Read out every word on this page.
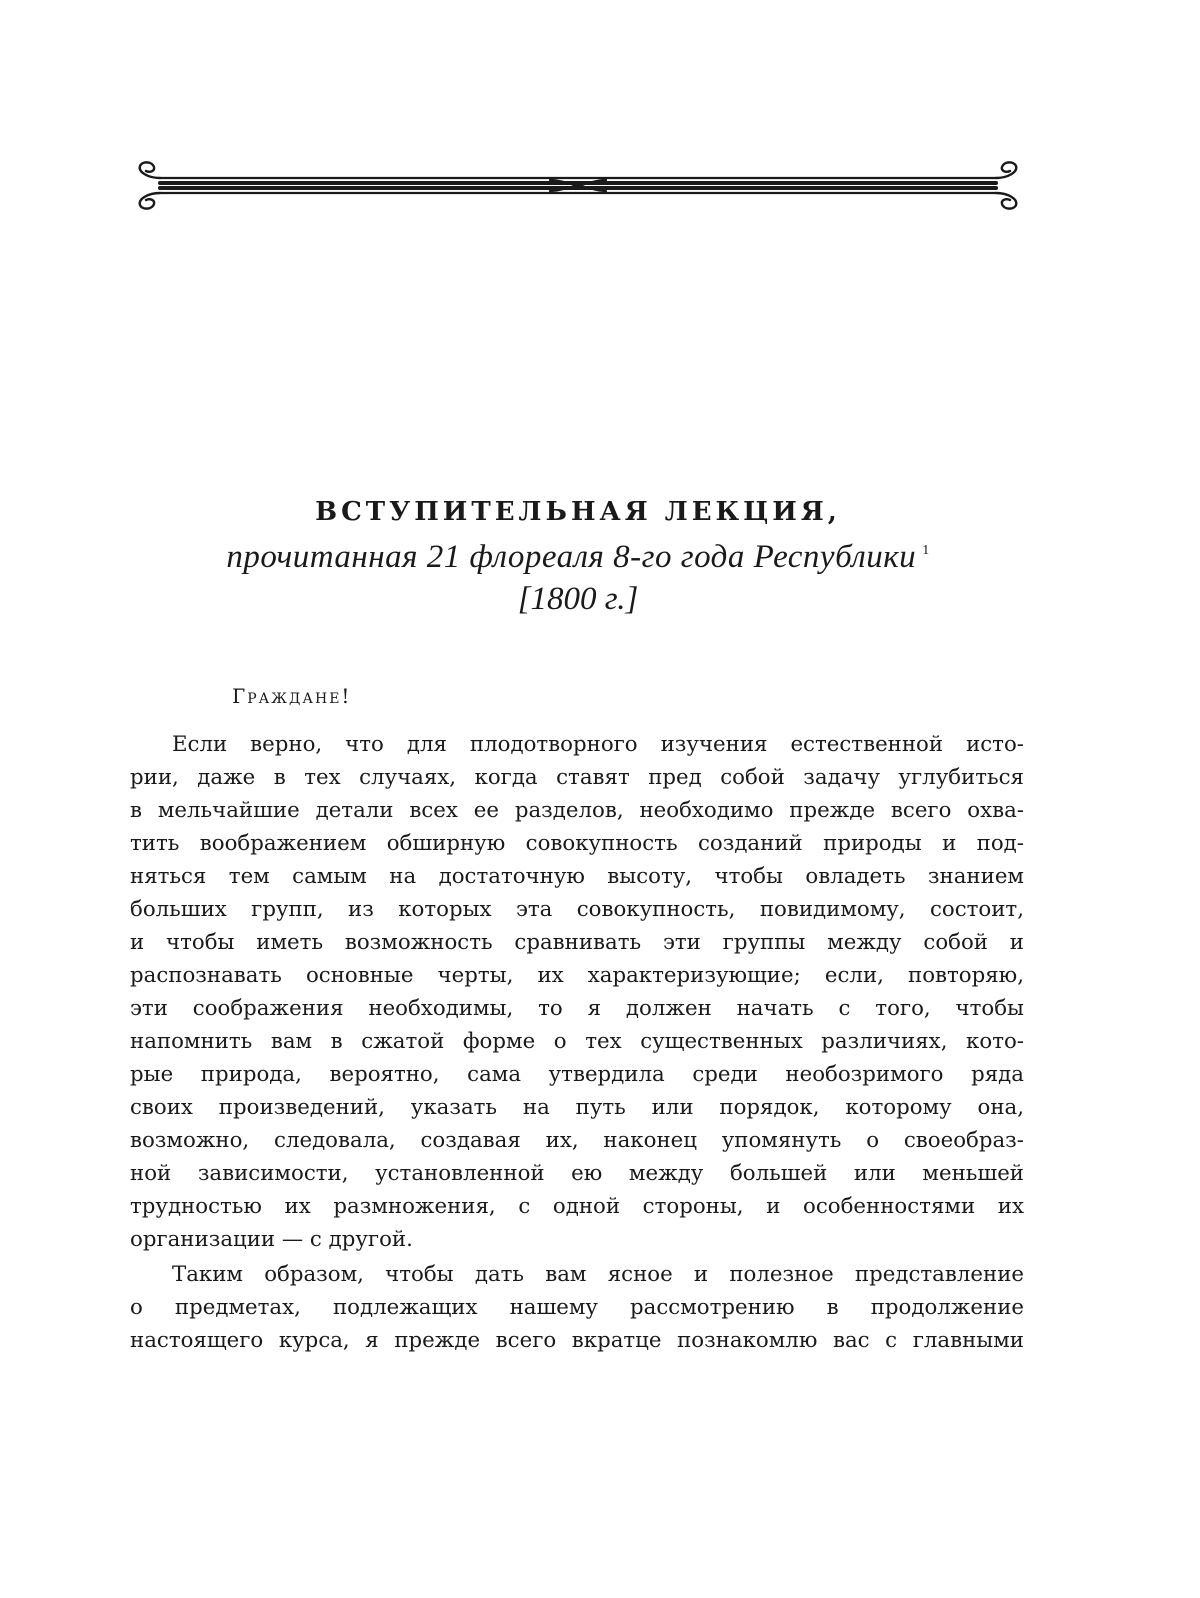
ВСТУПИТЕЛЬНАЯ ЛЕКЦИЯ,

прочитанная 21 флореаля 8-го года Республики $^1$

[1800 г.]

Граждане!

Если верно, что для плодотворного изучения естественной исто-
рии, даже в тех случаях, когда ставят пред собой задачу углубиться
в мельчайшие детали всех ее разделов, необходимо прежде всего охва-
тить воображением обширную совокупность созданий природы и под-
няться тем самым на достаточную высоту, чтобы овладеть знанием
больших групп, из которых эта совокупность, повидимому, состоит,
и чтобы иметь возможность сравнивать эти группы между собой и
распознавать основные черты, их характеризующие; если, повторяю,
эти соображения необходимы, то я должен начать с того, чтобы
напомнить вам в сжатой форме о тех существенных различиях, кото-
рые природа, вероятно, сама утвердила среди необозримого ряда
своих произведений, указать на путь или порядок, которому она,
возможно, следовала, создавая их, наконец упомянуть о своеобраз-
ной зависимости, установленной ею между большей или меньшей
трудностью их размножения, с одной стороны, и особенностями их
организации — с другой.

Таким образом, чтобы дать вам ясное и полезное представление
о предметах, подлежащих нашему рассмотрению в продолжение
настоящего курса, я прежде всего вкратце познакомлю вас с главными
